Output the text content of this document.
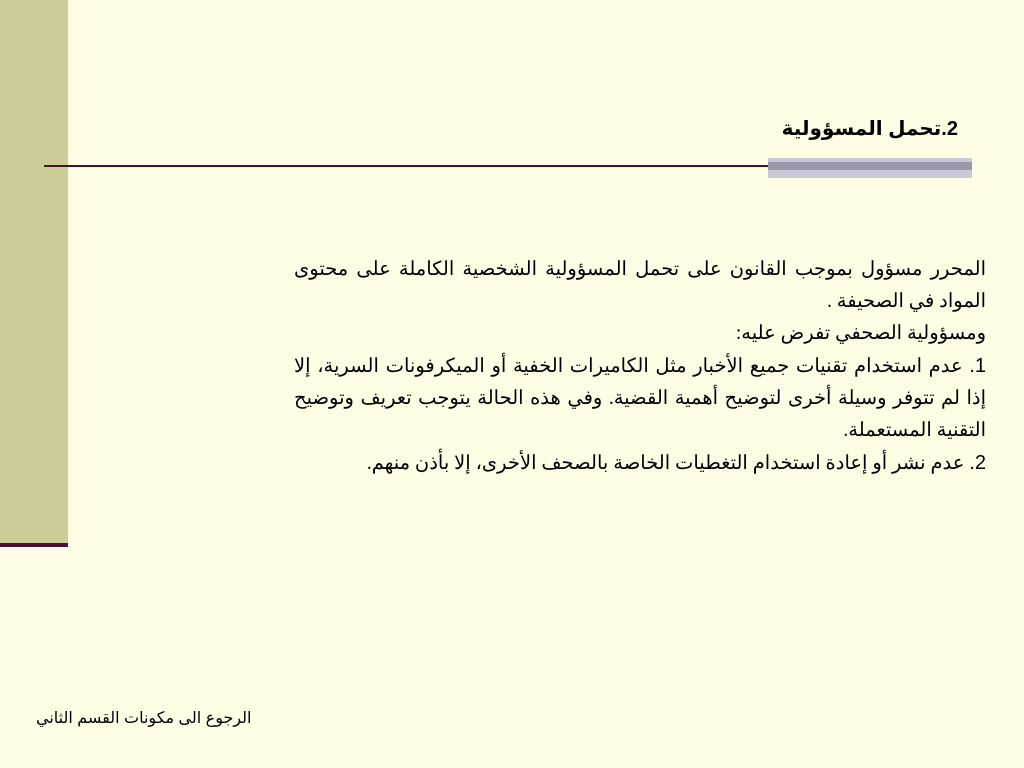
2.تحمل المسؤولية

المحرر مسؤول بموجب القانون على تحمل المسؤولية الشخصية الكاملة على محتوى المواد في الصحيفة .

ومسؤولية الصحفي تفرض عليه:

1. عدم استخدام تقنيات جميع الأخبار مثل الكاميرات الخفية أو الميكرفونات السرية، إلا إذا لم تتوفر وسيلة أخرى لتوضيح أهمية القضية. وفي هذه الحالة يتوجب تعريف وتوضيح التقنية المستعملة.

2. عدم نشر أو إعادة استخدام التغطيات الخاصة بالصحف الأخرى، إلا بأذن منهم.

الرجوع الى مكونات القسم الثاني
